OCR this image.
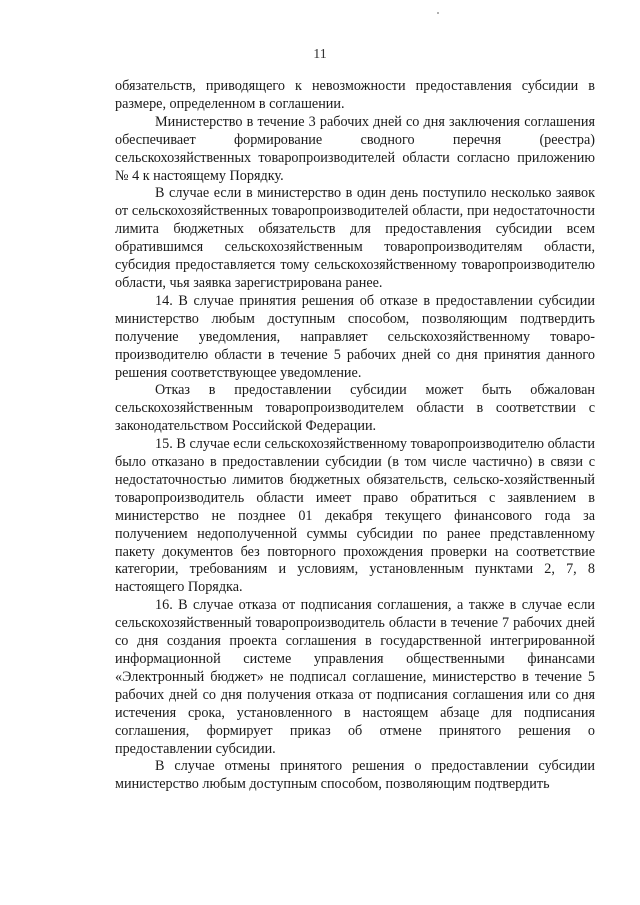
11

обязательств, приводящего к невозможности предоставления субсидии в размере, определенном в соглашении.

Министерство в течение 3 рабочих дней со дня заключения соглашения обеспечивает формирование сводного перечня (реестра) сельскохозяйственных товаропроизводителей области согласно приложению № 4 к настоящему Порядку.

В случае если в министерство в один день поступило несколько заявок от сельскохозяйственных товаропроизводителей области, при недостаточности лимита бюджетных обязательств для предоставления субсидии всем обратившимся сельскохозяйственным товаропроизводителям области, субсидия предоставляется тому сельскохозяйственному товаропроизводителю области, чья заявка зарегистрирована ранее.

14. В случае принятия решения об отказе в предоставлении субсидии министерство любым доступным способом, позволяющим подтвердить получение уведомления, направляет сельскохозяйственному товаро-производителю области в течение 5 рабочих дней со дня принятия данного решения соответствующее уведомление.

Отказ в предоставлении субсидии может быть обжалован сельскохозяйственным товаропроизводителем области в соответствии с законодательством Российской Федерации.

15. В случае если сельскохозяйственному товаропроизводителю области было отказано в предоставлении субсидии (в том числе частично) в связи с недостаточностью лимитов бюджетных обязательств, сельско-хозяйственный товаропроизводитель области имеет право обратиться с заявлением в министерство не позднее 01 декабря текущего финансового года за получением недополученной суммы субсидии по ранее представленному пакету документов без повторного прохождения проверки на соответствие категории, требованиям и условиям, установленным пунктами 2, 7, 8 настоящего Порядка.

16. В случае отказа от подписания соглашения, а также в случае если сельскохозяйственный товаропроизводитель области в течение 7 рабочих дней со дня создания проекта соглашения в государственной интегрированной информационной системе управления общественными финансами «Электронный бюджет» не подписал соглашение, министерство в течение 5 рабочих дней со дня получения отказа от подписания соглашения или со дня истечения срока, установленного в настоящем абзаце для подписания соглашения, формирует приказ об отмене принятого решения о предоставлении субсидии.

В случае отмены принятого решения о предоставлении субсидии министерство любым доступным способом, позволяющим подтвердить
